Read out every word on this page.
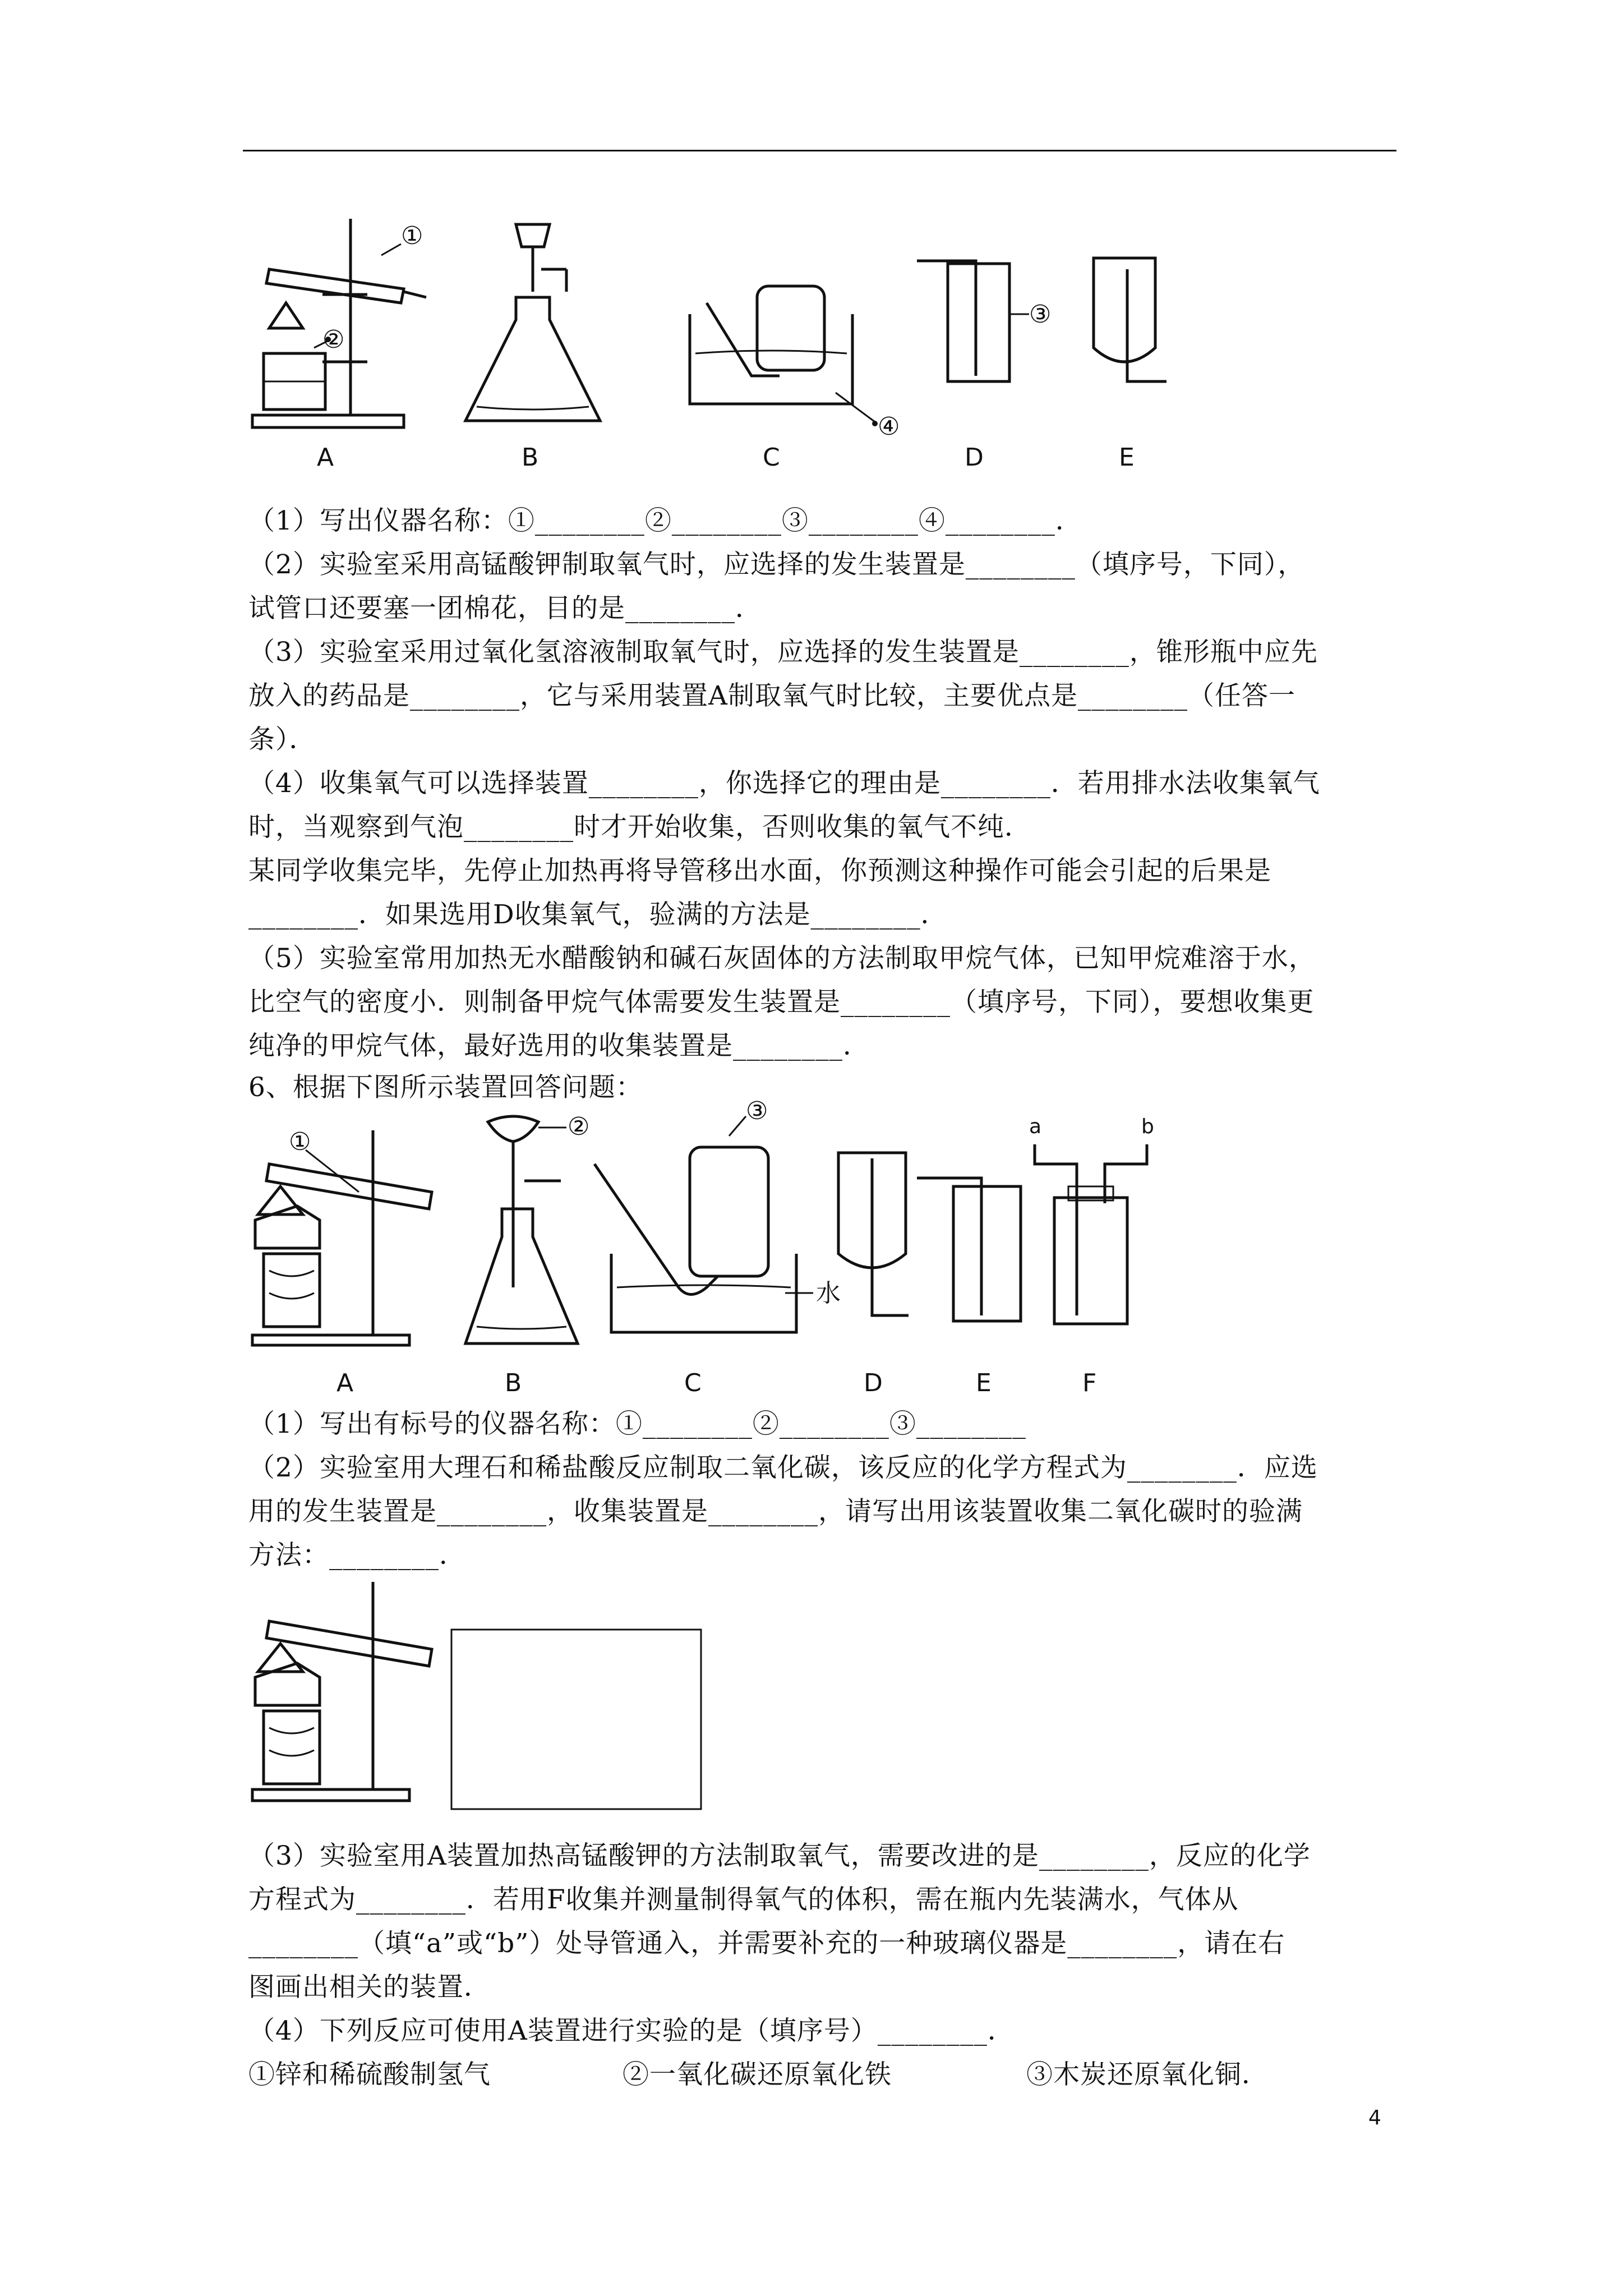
①
②
A	B
④
C
③
D	E
（1）写出仪器名称：①________②________③________④________．
（2）实验室采用高锰酸钾制取氧气时，应选择的发生装置是________（填序号，下同），
试管口还要塞一团棉花，目的是________．
（3）实验室采用过氧化氢溶液制取氧气时，应选择的发生装置是________，锥形瓶中应先
放入的药品是________，它与采用装置A制取氧气时比较，主要优点是________（任答一
条）．
（4）收集氧气可以选择装置________，你选择它的理由是________．若用排水法收集氧气
时，当观察到气泡________时才开始收集，否则收集的氧气不纯．
某同学收集完毕，先停止加热再将导管移出水面，你预测这种操作可能会引起的后果是
________．如果选用D收集氧气，验满的方法是________．
（5）实验室常用加热无水醋酸钠和碱石灰固体的方法制取甲烷气体，已知甲烷难溶于水，
比空气的密度小．则制备甲烷气体需要发生装置是________（填序号，下同），要想收集更
纯净的甲烷气体，最好选用的收集装置是________．
6、根据下图所示装置回答问题：
①
A
②
B
③
水
C	D	E
a	b
F
（1）写出有标号的仪器名称：①________②________③________
（2）实验室用大理石和稀盐酸反应制取二氧化碳，该反应的化学方程式为________．应选
用的发生装置是________，收集装置是________，请写出用该装置收集二氧化碳时的验满
方法：________．
（3）实验室用A装置加热高锰酸钾的方法制取氧气，需要改进的是________，反应的化学
方程式为________．若用F收集并测量制得氧气的体积，需在瓶内先装满水，气体从
________（填“a”或“b”）处导管通入，并需要补充的一种玻璃仪器是________，请在右
图画出相关的装置．
（4）下列反应可使用A装置进行实验的是（填序号）________．
①锌和稀硫酸制氢气	②一氧化碳还原氧化铁	③木炭还原氧化铜．
4
